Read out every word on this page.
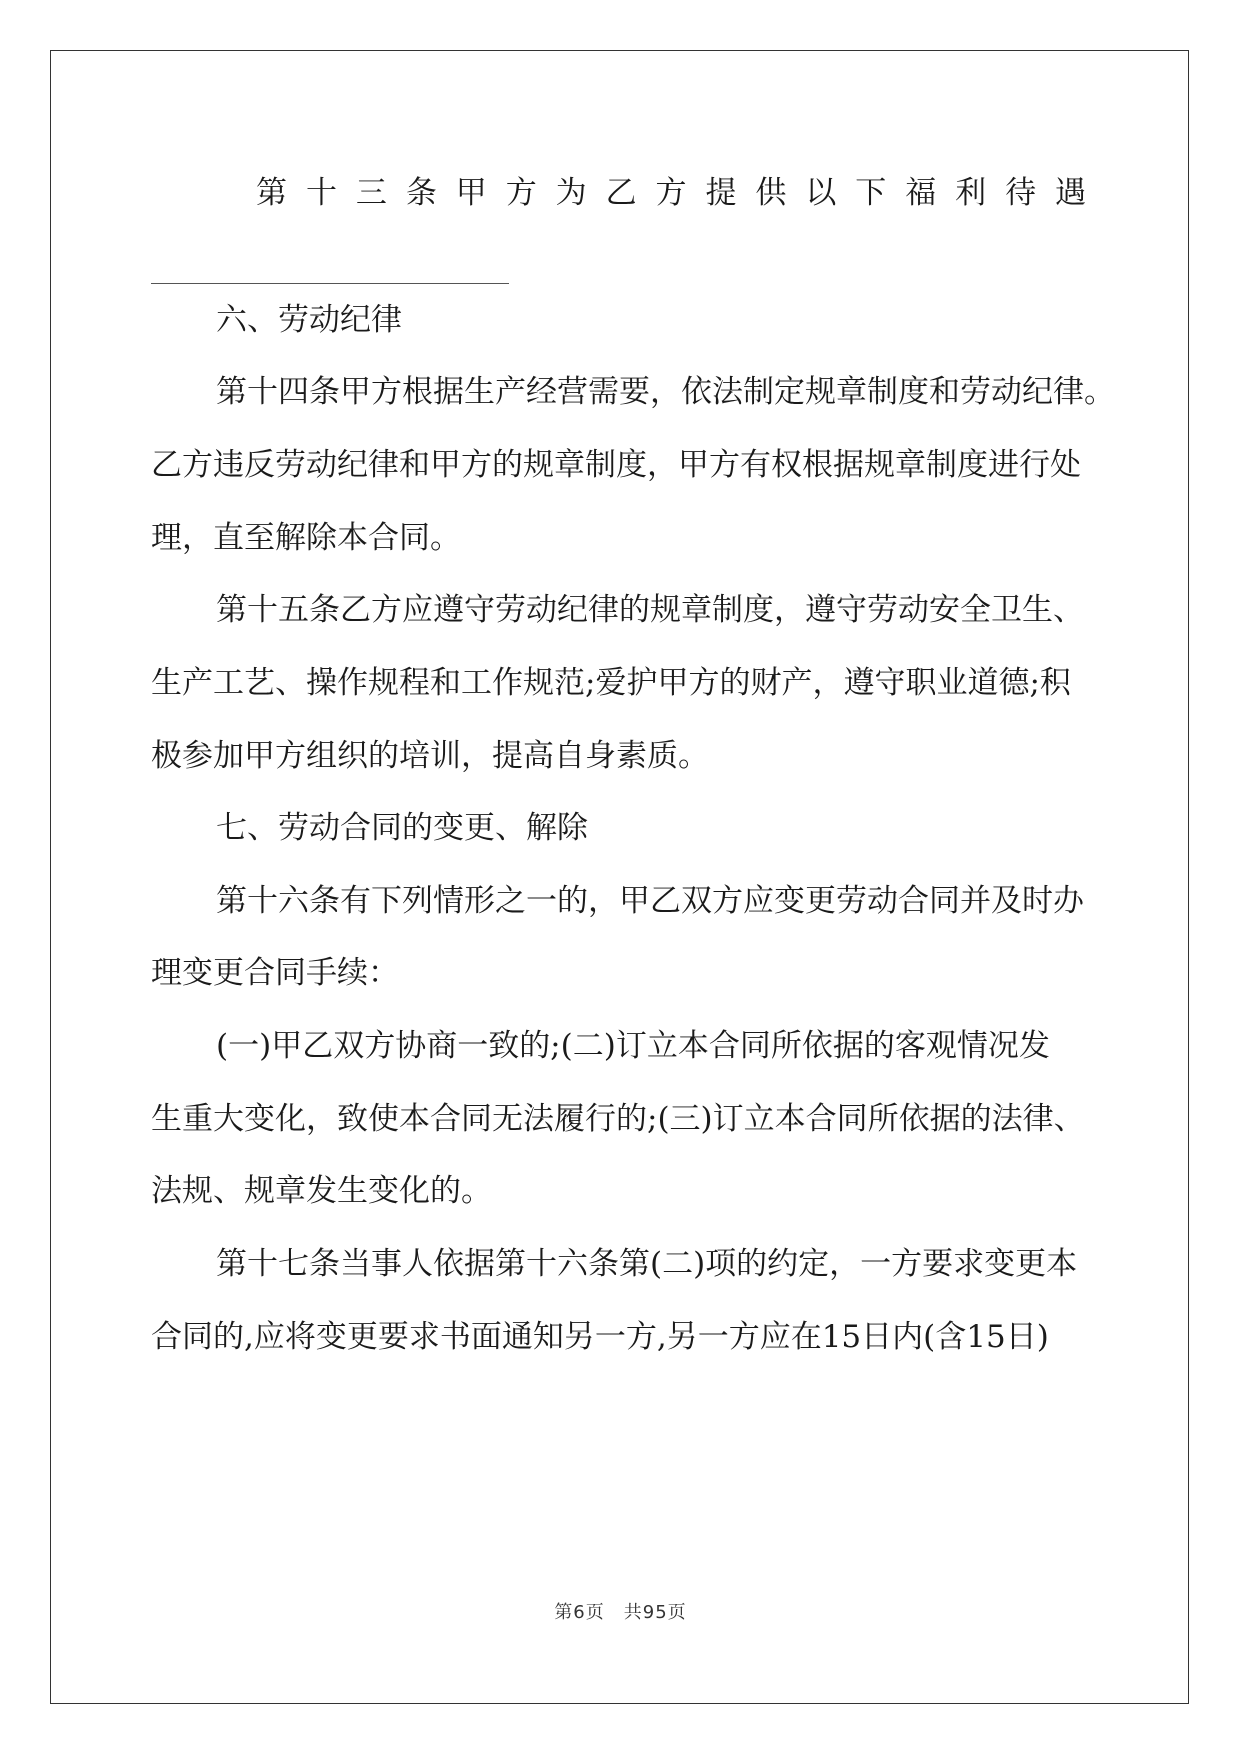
第 十 三 条 甲 方 为 乙 方 提 供 以 下 福 利 待 遇
六、劳动纪律
第十四条甲方根据生产经营需要，依法制定规章制度和劳动纪律。
乙方违反劳动纪律和甲方的规章制度，甲方有权根据规章制度进行处
理，直至解除本合同。
第十五条乙方应遵守劳动纪律的规章制度，遵守劳动安全卫生、
生产工艺、操作规程和工作规范;爱护甲方的财产，遵守职业道德;积
极参加甲方组织的培训，提高自身素质。
七、劳动合同的变更、解除
第十六条有下列情形之一的，甲乙双方应变更劳动合同并及时办
理变更合同手续：
(一)甲乙双方协商一致的;(二)订立本合同所依据的客观情况发
生重大变化，致使本合同无法履行的;(三)订立本合同所依据的法律、
法规、规章发生变化的。
第十七条当事人依据第十六条第(二)项的约定，一方要求变更本
合同的,应将变更要求书面通知另一方,另一方应在15日内(含15日)
第6页　共95页
